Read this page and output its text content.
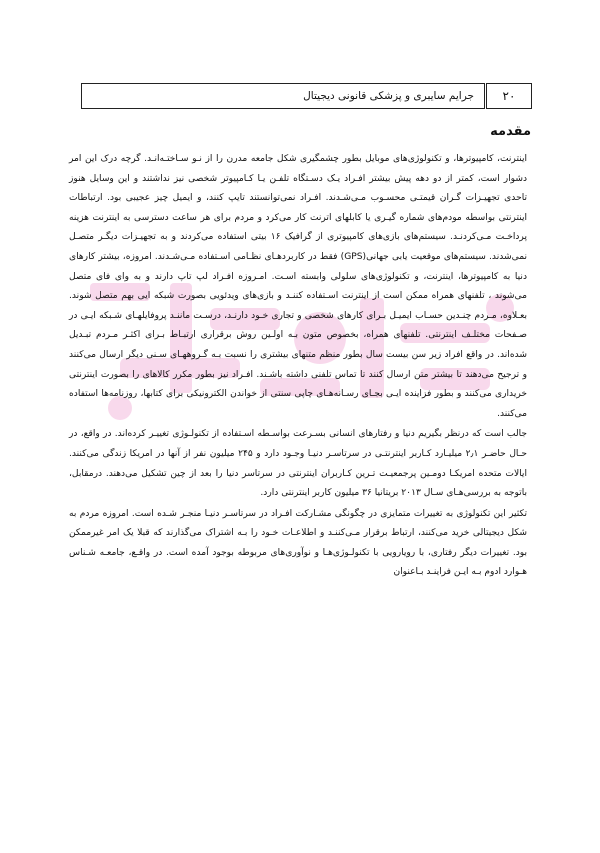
جرایم سایبری و پزشکی قانونی دیجیتال	۲۰
مقدمه

اینترنت، کامپیوترها، و تکنولوژی‌های موبایل بطور چشمگیری شکل جامعه مدرن را از نـو سـاختـه‌انـد. گرچه درک این امر دشوار است، کمتر از دو دهه پیش بیشتر افـراد یـک دسـتگاه تلفـن یـا کـامپیوتر شخصی نیز نداشتند و این وسایل هنوز تاحدی تجهیـزات گـران قیمتـی محسـوب مـی‌شـدند. افـراد نمی‌توانستند تایپ کنند، و ایمیل چیز عجیبی بود. ارتباطات اینترنتی بواسطه مودم‌های شماره گیـری یا کابلهای اترنت کار می‌کرد و مردم برای هر ساعت دسترسی به اینترنت هزینه پرداخـت مـی‌کردنـد. سیستم‌های بازی‌های کامپیوتری از گرافیک ۱۶ بیتی استفاده می‌کردند و به تجهیـزات دیگـر متصـل نمی‌شدند. سیستم‌های موقعیت یابی جهانی(GPS) فقط در کاربردهـای نظـامی اسـتفاده مـی‌شـدند. امروزه، بیشتر کارهای دنیا به کامپیوترها، اینترنت، و تکنولوژی‌های سلولی وابسته اسـت. امـروزه افـراد لپ تاپ دارند و به وای فای متصل می‌شوند ، تلفنهای همراه ممکن است از اینترنت اسـتفاده کننـد و بازی‌های ویدئویی بصورت شبکه ایی بهم متصل شوند. بعـلاوه، مـردم چنـدین حسـاب ایمیـل بـرای کارهای شخصی و تجاری خـود دارنـد، درسـت ماننـد پروفایلهـای شـبکه ایـی در صـفحات مختلـف اینترنتی. تلفنهای همراه، بخصوص متون بـه اولـین روش برقراری ارتبـاط بـرای اکثـر مـردم تبـدیل شده‌اند. در واقع افراد زیر سن بیست سال بطور منظم متنهای بیشتری را نسبت بـه گـروههـای سـنی دیگر ارسال می‌کنند و ترجیح می‌دهند تا بیشتر متن ارسال کنند تا تماس تلفنی داشته باشـند. افـراد نیز بطور مکرر کالاهای را بصورت اینترنتی خریداری می‌کنند و بطور فزاینده ایـی بجـای رسـانه‌هـای چاپی سنتی از خواندن الکترونیکی برای کتابها، روزنامه‌ها استفاده می‌کنند.

جالب است که درنظر بگیریم دنیا و رفتارهای انسانی بسـرعت بواسـطه اسـتفاده از تکنولـوژی تغییـر کرده‌اند. در واقع، در حـال حاضـر ۲٫۱ میلیـارد کـاربر اینترنتـی در سرتاسـر دنیـا وجـود دارد و ۲۴۵ میلیون نفر از آنها در امریکا زندگی می‌کنند. ایالات متحده امریکـا دومـین پرجمعیـت تـرین کـاربران اینترنتی در سرتاسر دنیا را بعد از چین تشکیل می‌دهند. درمقابل، باتوجه به بررسی‌هـای سـال ۲۰۱۳ بریتانیا ۳۶ میلیون کاربر اینترنتی دارد.

تکثیر این تکنولوژی به تغییرات متمایزی در چگونگی مشـارکت افـراد در سرتاسـر دنیـا منجـر شـده است. امروزه مردم به شکل دیجیتالی خرید می‌کنند، ارتباط برقرار مـی‌کننـد و اطلاعـات خـود را بـه اشتراک می‌گذارند که قبلا یک امر غیرممکن بود. تغییرات دیگر رفتاری، با رویارویی با تکنولـوژی‌هـا و نوآوری‌های مربوطه بوجود آمده است. در واقـع، جامعـه شـناس هـوارد ادوم بـه ایـن فراینـد بـاعنوان
